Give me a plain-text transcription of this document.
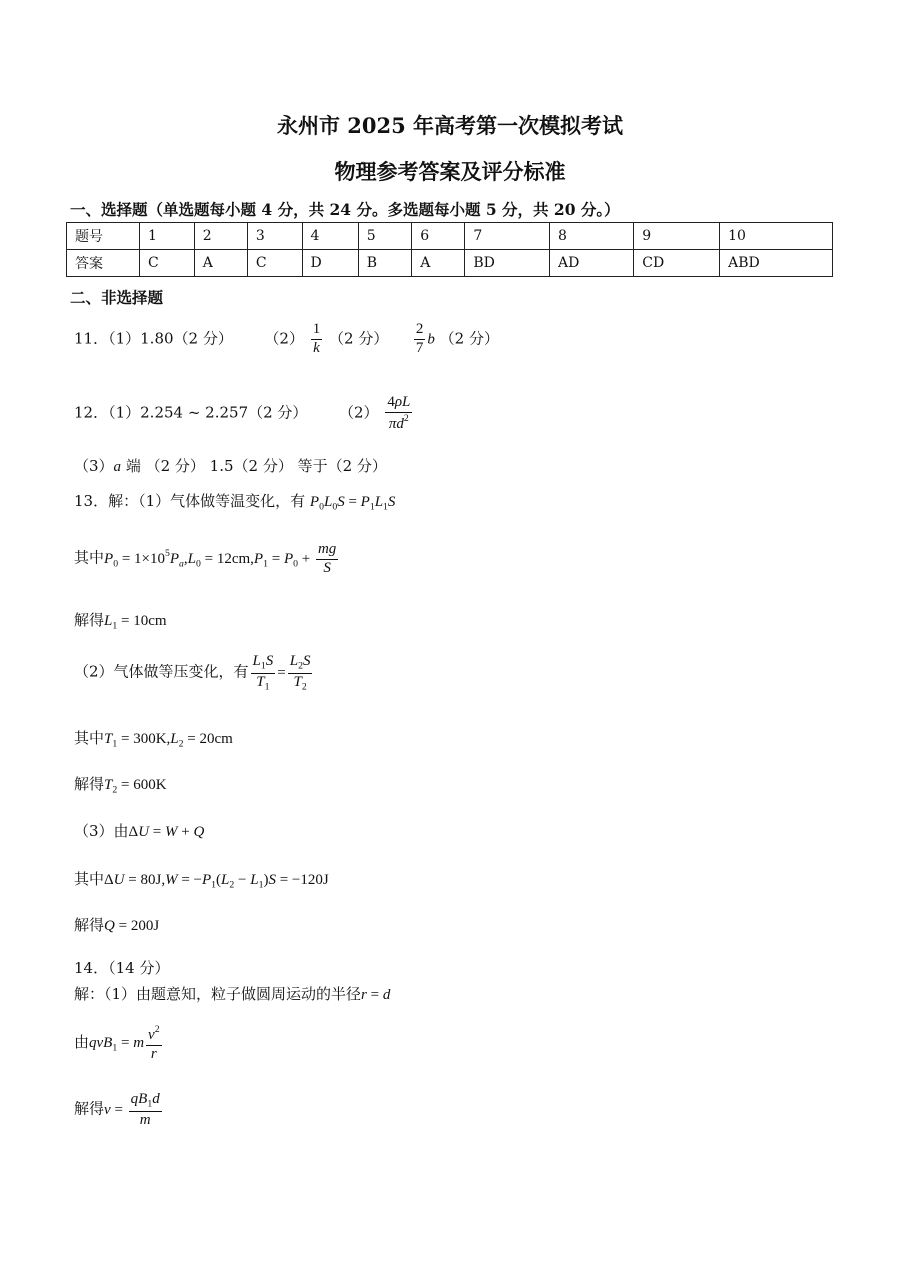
永州市 2025 年高考第一次模拟考试
物理参考答案及评分标准
一、选择题（单选题每小题 4 分，共 24 分。多选题每小题 5 分，共 20 分。）
题号	1	2	3	4	5	6	7	8	9	10
答案	C	A	C	D	B	A	BD	AD	CD	ABD
二、非选择题
11．（1）1.80（2 分） $(2) \frac{1}{k} (2$ 分） $\frac{2}{7}$ b （2 分）
12．（1）2.254 ~ 2.257（2 分） $(2) \frac{4\rho L}{\pi d^2}$
（3）a 端 （2 分） 1.5（2 分） 等于（2 分）
13．解：（1）气体做等温变化，有 $P_0L_0S = P_1L_1S$
其中$P_0 = 1\times 10^5P_a,L_0 = 12cm,P_1 = P_0 + \frac{mg}{S}$
解得$L_1 = 10cm$
（2）气体做等压变化，有 $\frac{L_1S}{T_1} = \frac{L_2S}{T_2}$
其中$T_1 = 300K,L_2 = 20cm$
解得$T_2 = 600K$
（3）由ΔU = W + Q
其中$\Delta U = 80J,W = -P_1(L_2 - L_1)S = -120J$
解得Q = 200J
14．（14 分）
解：（1）由题意知，粒子做圆周运动的半径r = d
由qvB$_1$ = m $\frac{v^2}{r}$
解得$v = \frac{qB_1d}{m}$
